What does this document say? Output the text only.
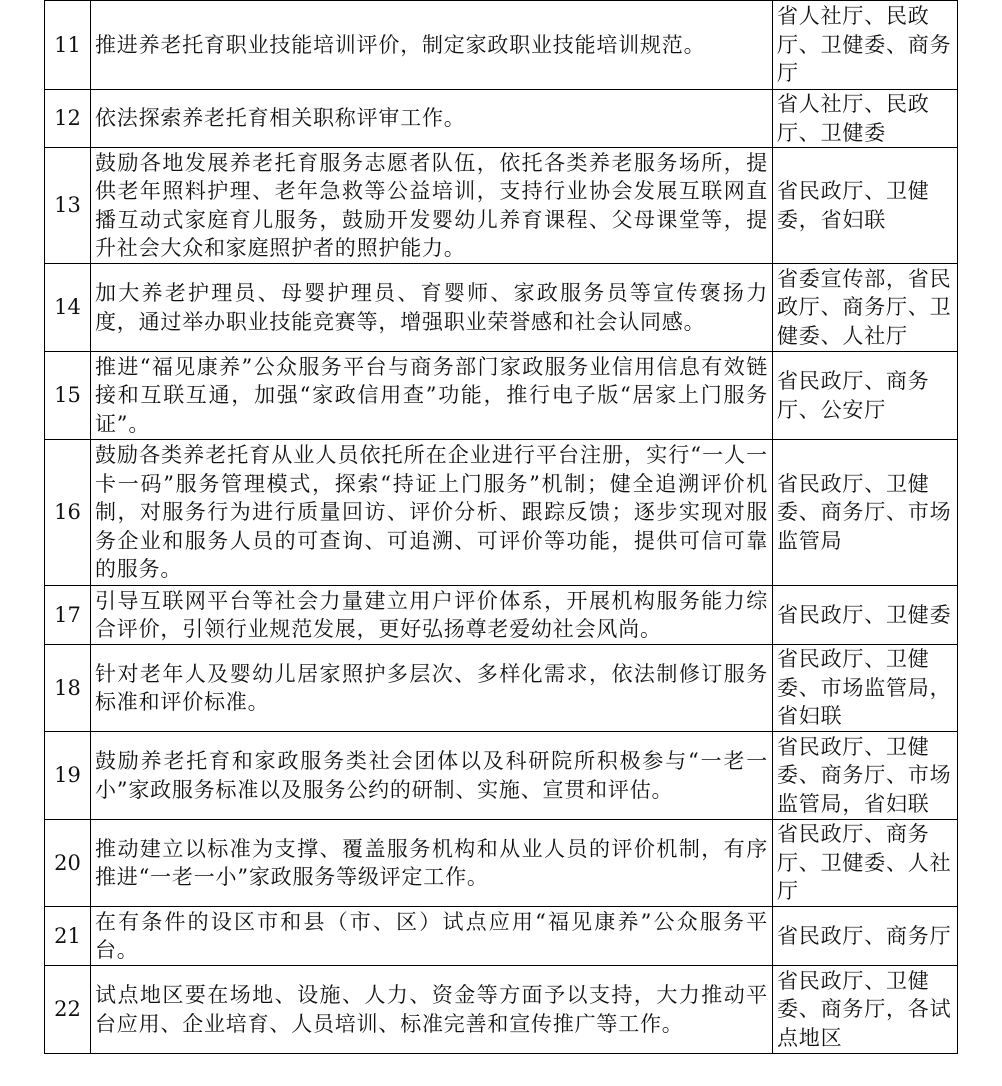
11	推进养老托育职业技能培训评价，制定家政职业技能培训规范。	省人社厅、民政厅、卫健委、商务厅
12	依法探索养老托育相关职称评审工作。	省人社厅、民政厅、卫健委
13	鼓励各地发展养老托育服务志愿者队伍，依托各类养老服务场所，提供老年照料护理、老年急救等公益培训，支持行业协会发展互联网直播互动式家庭育儿服务，鼓励开发婴幼儿养育课程、父母课堂等，提升社会大众和家庭照护者的照护能力。	省民政厅、卫健委，省妇联
14	加大养老护理员、母婴护理员、育婴师、家政服务员等宣传褒扬力度，通过举办职业技能竞赛等，增强职业荣誉感和社会认同感。	省委宣传部，省民政厅、商务厅、卫健委、人社厅
15	推进“福见康养”公众服务平台与商务部门家政服务业信用信息有效链接和互联互通，加强“家政信用查”功能，推行电子版“居家上门服务证”。	省民政厅、商务厅、公安厅
16	鼓励各类养老托育从业人员依托所在企业进行平台注册，实行“一人一卡一码”服务管理模式，探索“持证上门服务”机制；健全追溯评价机制，对服务行为进行质量回访、评价分析、跟踪反馈；逐步实现对服务企业和服务人员的可查询、可追溯、可评价等功能，提供可信可靠的服务。	省民政厅、卫健委、商务厅、市场监管局
17	引导互联网平台等社会力量建立用户评价体系，开展机构服务能力综合评价，引领行业规范发展，更好弘扬尊老爱幼社会风尚。	省民政厅、卫健委
18	针对老年人及婴幼儿居家照护多层次、多样化需求，依法制修订服务标准和评价标准。	省民政厅、卫健委、市场监管局，省妇联
19	鼓励养老托育和家政服务类社会团体以及科研院所积极参与“一老一小”家政服务标准以及服务公约的研制、实施、宣贯和评估。	省民政厅、卫健委、商务厅、市场监管局，省妇联
20	推动建立以标准为支撑、覆盖服务机构和从业人员的评价机制，有序推进“一老一小”家政服务等级评定工作。	省民政厅、商务厅、卫健委、人社厅
21	在有条件的设区市和县（市、区）试点应用“福见康养”公众服务平台。	省民政厅、商务厅
22	试点地区要在场地、设施、人力、资金等方面予以支持，大力推动平台应用、企业培育、人员培训、标准完善和宣传推广等工作。	省民政厅、卫健委、商务厅，各试点地区
